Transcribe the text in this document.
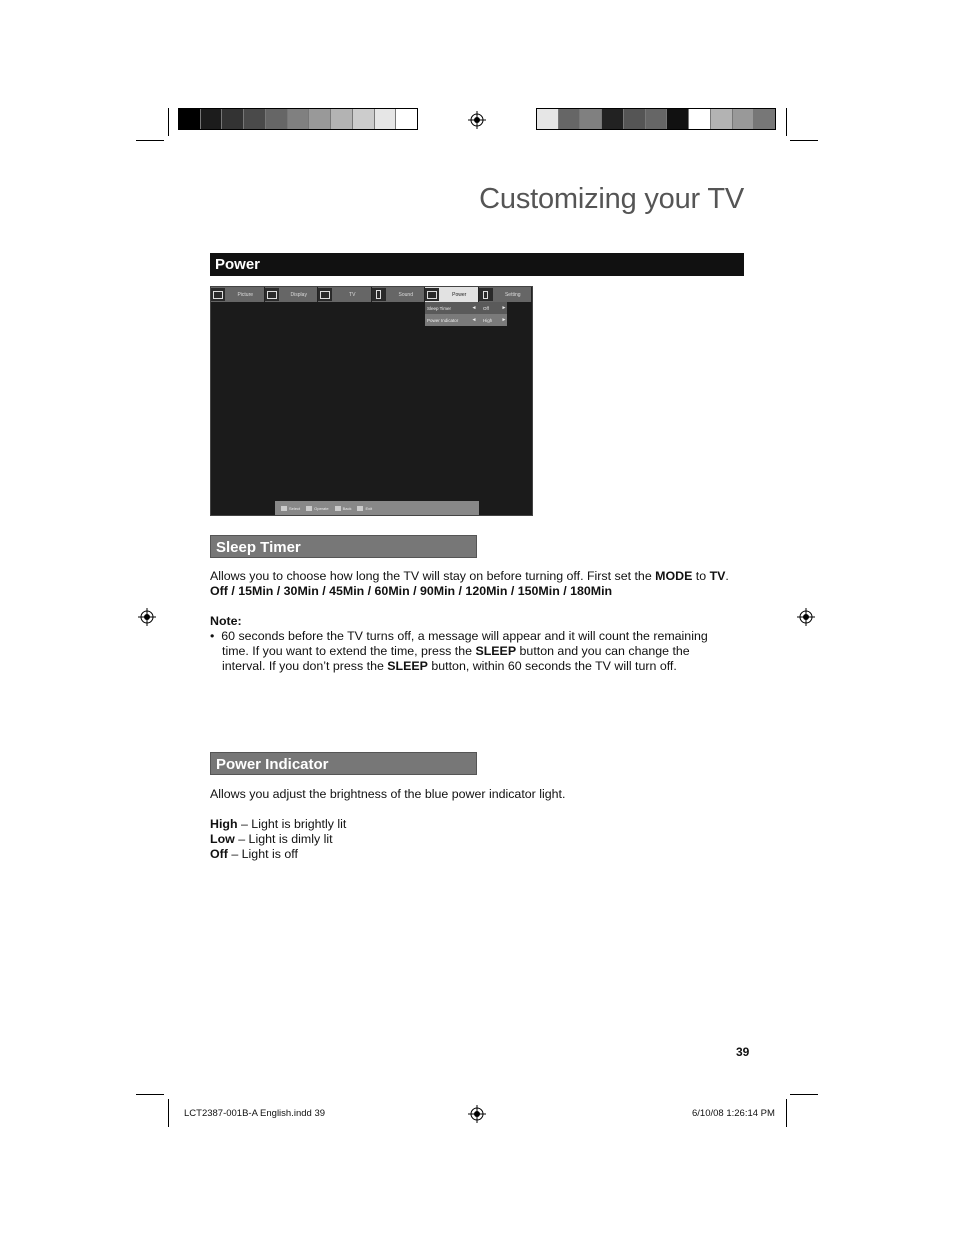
Customizing your TV
Power
Picture	Display	TV	Sound	Power	Setting
Sleep Timer	◄	Off	►
Power Indicator	◄	High	►
Select	Operate	Back	Exit
Sleep Timer
Allows you to choose how long the TV will stay on before turning off. First set the MODE to TV.
Off / 15Min / 30Min / 45Min / 60Min / 90Min / 120Min / 150Min / 180Min
Note:
•  60 seconds before the TV turns off, a message will appear and it will count the remaining
time. If you want to extend the time, press the SLEEP button and you can change the
interval. If you don’t press the SLEEP button, within 60 seconds the TV will turn off.
Power Indicator
Allows you adjust the brightness of the blue power indicator light.
High – Light is brightly lit
Low – Light is dimly lit
Off – Light is off
39
LCT2387-001B-A English.indd 39	6/10/08 1:26:14 PM
